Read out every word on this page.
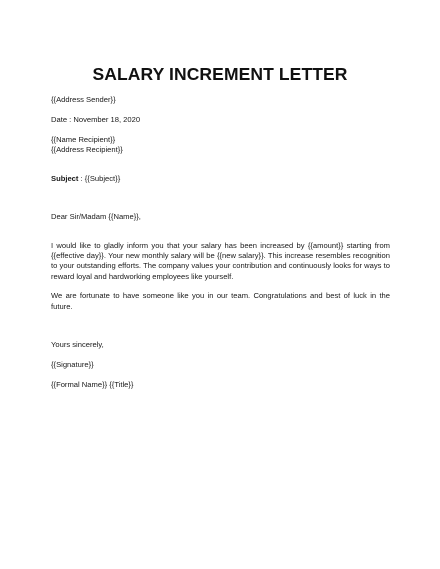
SALARY INCREMENT LETTER

{{Address Sender}}

Date : November 18, 2020

{{Name Recipient}}

{{Address Recipient}}

Subject : {{Subject}}

Dear Sir/Madam {{Name}},

I would like to gladly inform you that your salary has been increased by {{amount}} starting from {{effective day}}. Your new monthly salary will be {{new salary}}. This increase resembles recognition to your outstanding efforts. The company values your contribution and continuously looks for ways to reward loyal and hardworking employees like yourself.

We are fortunate to have someone like you in our team. Congratulations and best of luck in the future.

Yours sincerely,

{{Signature}}

{{Formal Name}} {{Title}}
